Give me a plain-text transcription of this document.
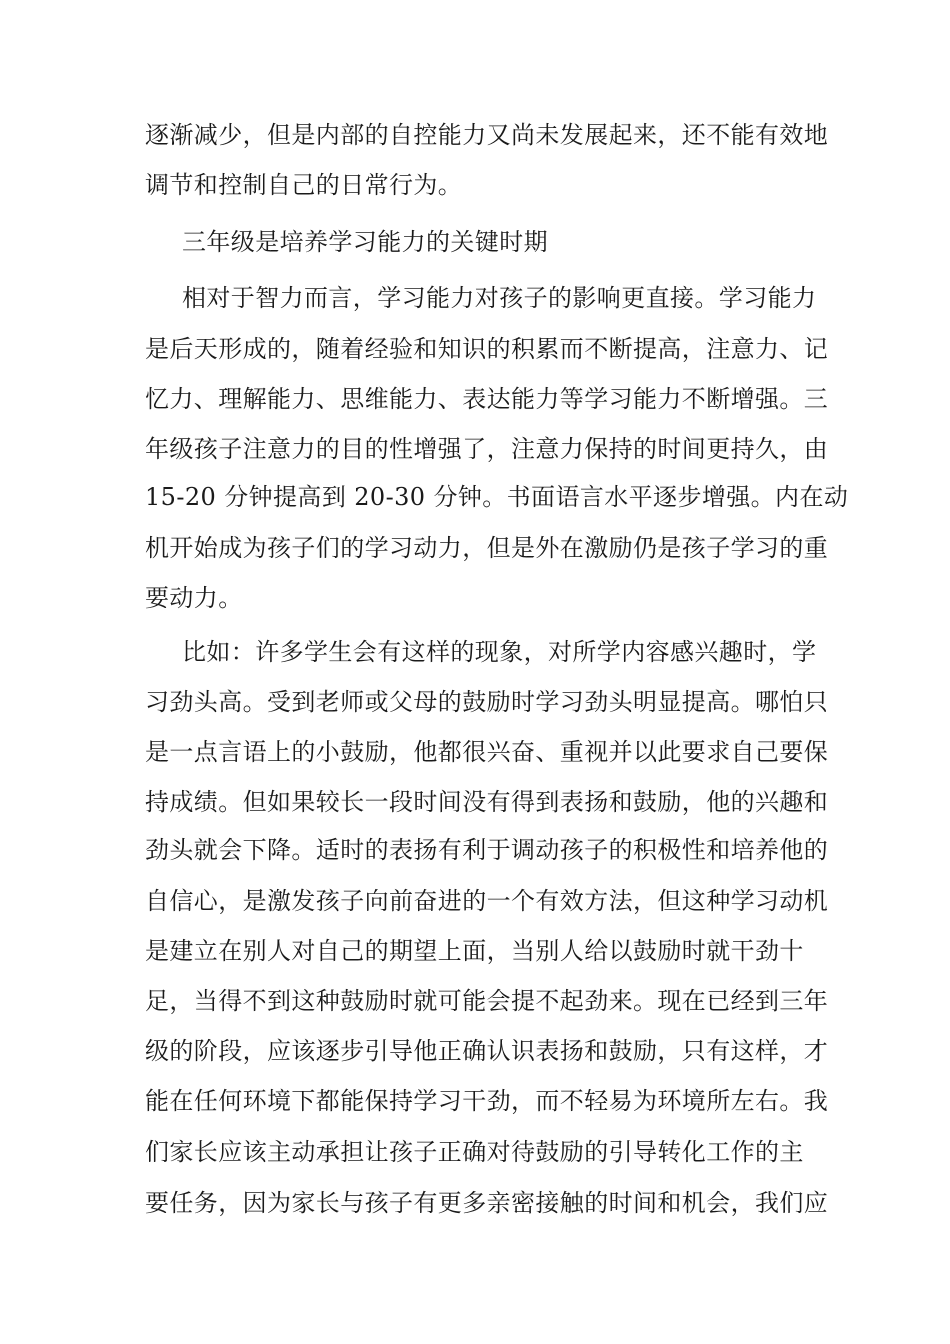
逐渐减少，但是内部的自控能力又尚未发展起来，还不能有效地
调节和控制自己的日常行为。
三年级是培养学习能力的关键时期
相对于智力而言，学习能力对孩子的影响更直接。学习能力
是后天形成的，随着经验和知识的积累而不断提高，注意力、记
忆力、理解能力、思维能力、表达能力等学习能力不断增强。三
年级孩子注意力的目的性增强了，注意力保持的时间更持久，由
15-20 分钟提高到 20-30 分钟。书面语言水平逐步增强。内在动
机开始成为孩子们的学习动力，但是外在激励仍是孩子学习的重
要动力。
比如：许多学生会有这样的现象，对所学内容感兴趣时，学
习劲头高。受到老师或父母的鼓励时学习劲头明显提高。哪怕只
是一点言语上的小鼓励，他都很兴奋、重视并以此要求自己要保
持成绩。但如果较长一段时间没有得到表扬和鼓励，他的兴趣和
劲头就会下降。适时的表扬有利于调动孩子的积极性和培养他的
自信心，是激发孩子向前奋进的一个有效方法，但这种学习动机
是建立在别人对自己的期望上面，当别人给以鼓励时就干劲十
足，当得不到这种鼓励时就可能会提不起劲来。现在已经到三年
级的阶段，应该逐步引导他正确认识表扬和鼓励，只有这样，才
能在任何环境下都能保持学习干劲，而不轻易为环境所左右。我
们家长应该主动承担让孩子正确对待鼓励的引导转化工作的主
要任务，因为家长与孩子有更多亲密接触的时间和机会，我们应
